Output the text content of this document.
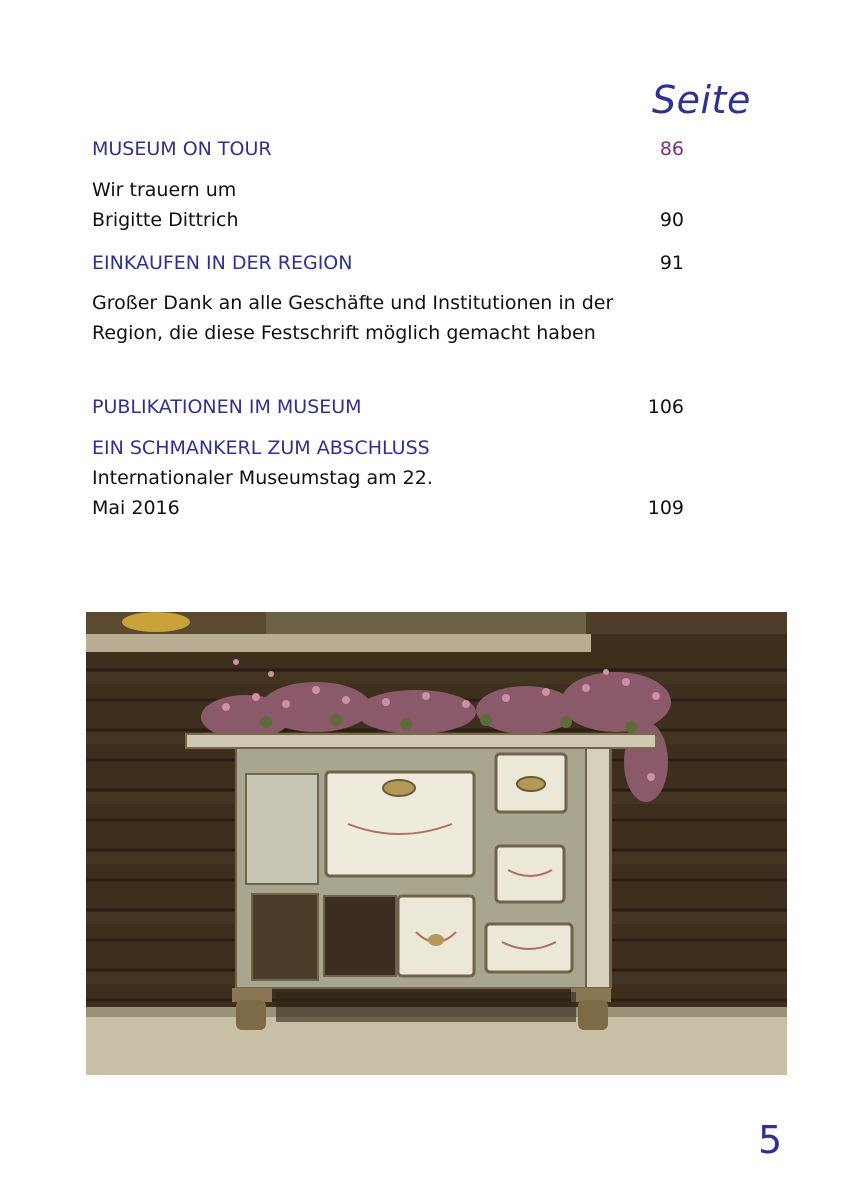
Seite
MUSEUM ON TOUR	86
Wir trauern um Brigitte Dittrich	90
EINKAUFEN IN DER REGION	91
Großer Dank an alle Geschäfte und Institutionen in der Region, die diese Festschrift möglich gemacht haben
PUBLIKATIONEN IM MUSEUM	106
EIN SCHMANKERL ZUM ABSCHLUSS
Internationaler Museumstag am 22. Mai 2016	109
5
